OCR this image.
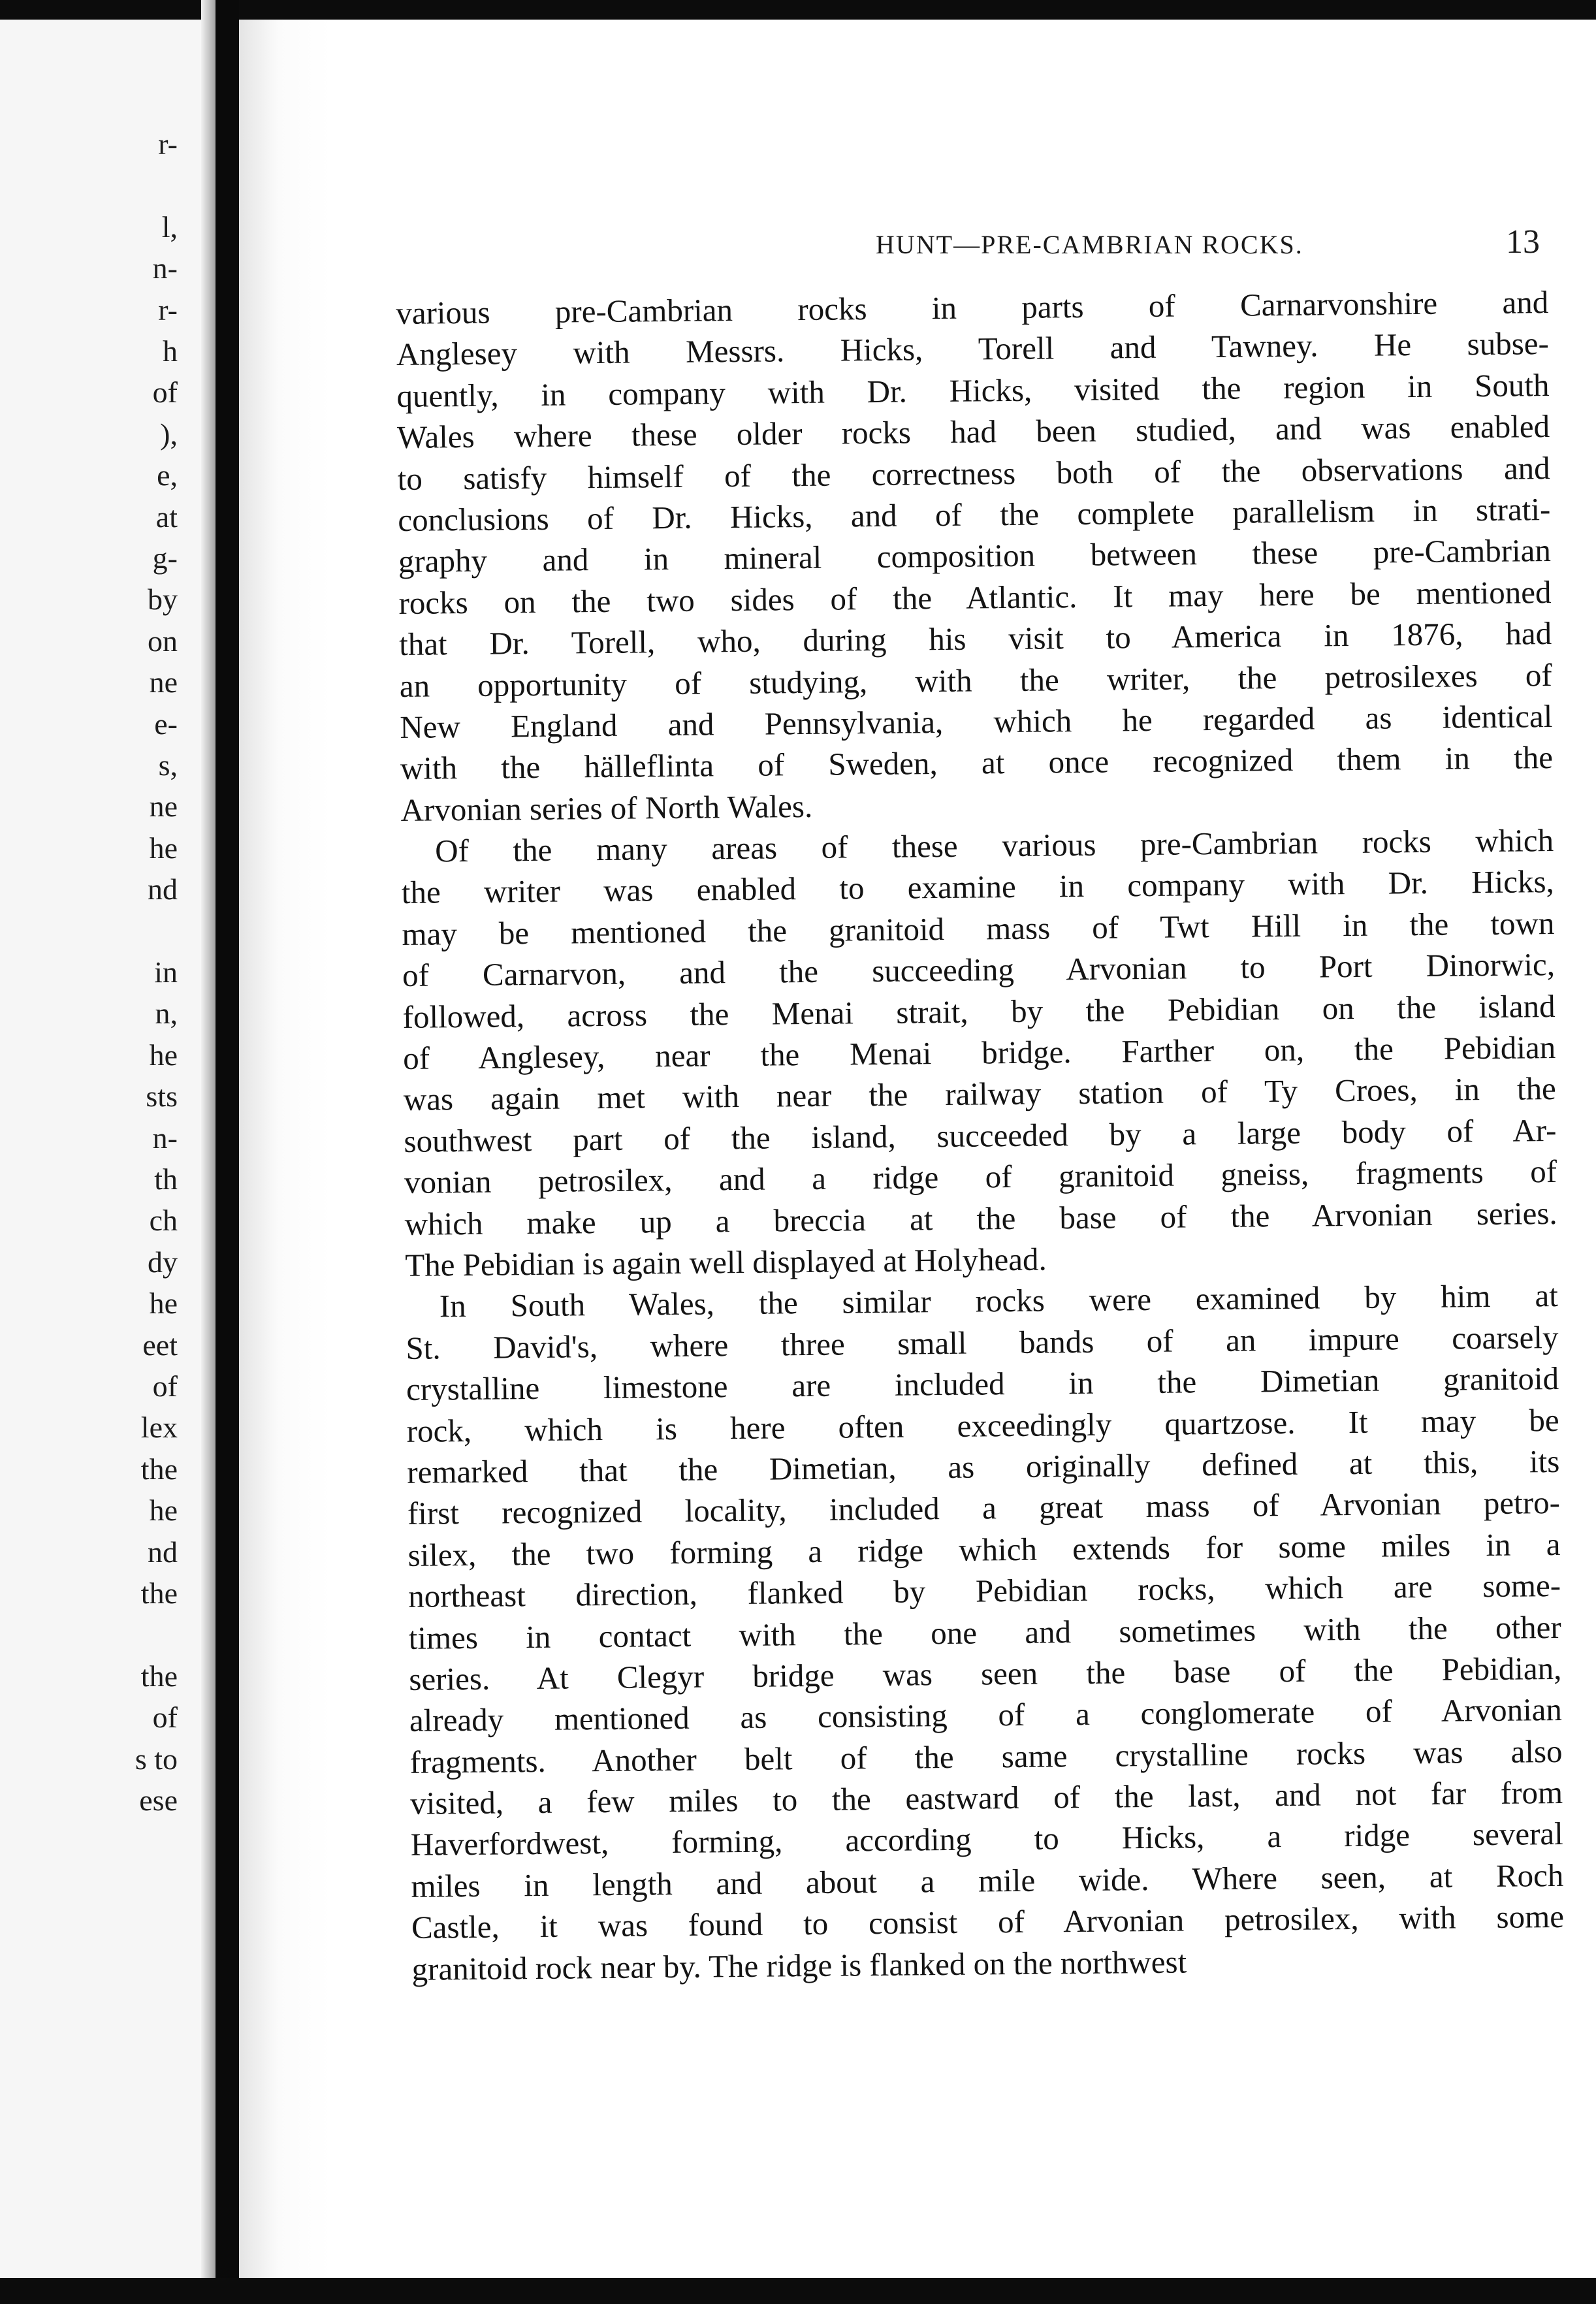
r-
l,
n-
r-
h
of
),
e,
at
g-
by
on
ne
e-
s,
ne
he
nd
in
n,
he
sts
n-
th
ch
dy
he
eet
of
lex
the
he
nd
the
the
of
s to
ese
HUNT—PRE-CAMBRIAN ROCKS.	13
various pre-Cambrian rocks in parts of Carnarvonshire and
Anglesey with Messrs. Hicks, Torell and Tawney. He subse-
quently, in company with Dr. Hicks, visited the region in South
Wales where these older rocks had been studied, and was enabled
to satisfy himself of the correctness both of the observations and
conclusions of Dr. Hicks, and of the complete parallelism in strati-
graphy and in mineral composition between these pre-Cambrian
rocks on the two sides of the Atlantic. It may here be mentioned
that Dr. Torell, who, during his visit to America in 1876, had
an opportunity of studying, with the writer, the petrosilexes of
New England and Pennsylvania, which he regarded as identical
with the hälleflinta of Sweden, at once recognized them in the
Arvonian series of North Wales.
Of the many areas of these various pre-Cambrian rocks which
the writer was enabled to examine in company with Dr. Hicks,
may be mentioned the granitoid mass of Twt Hill in the town
of Carnarvon, and the succeeding Arvonian to Port Dinorwic,
followed, across the Menai strait, by the Pebidian on the island
of Anglesey, near the Menai bridge. Farther on, the Pebidian
was again met with near the railway station of Ty Croes, in the
southwest part of the island, succeeded by a large body of Ar-
vonian petrosilex, and a ridge of granitoid gneiss, fragments of
which make up a breccia at the base of the Arvonian series.
The Pebidian is again well displayed at Holyhead.
In South Wales, the similar rocks were examined by him at
St. David's, where three small bands of an impure coarsely
crystalline limestone are included in the Dimetian granitoid
rock, which is here often exceedingly quartzose. It may be
remarked that the Dimetian, as originally defined at this, its
first recognized locality, included a great mass of Arvonian petro-
silex, the two forming a ridge which extends for some miles in a
northeast direction, flanked by Pebidian rocks, which are some-
times in contact with the one and sometimes with the other
series. At Clegyr bridge was seen the base of the Pebidian,
already mentioned as consisting of a conglomerate of Arvonian
fragments. Another belt of the same crystalline rocks was also
visited, a few miles to the eastward of the last, and not far from
Haverfordwest, forming, according to Hicks, a ridge several
miles in length and about a mile wide. Where seen, at Roch
Castle, it was found to consist of Arvonian petrosilex, with some
granitoid rock near by. The ridge is flanked on the northwest
